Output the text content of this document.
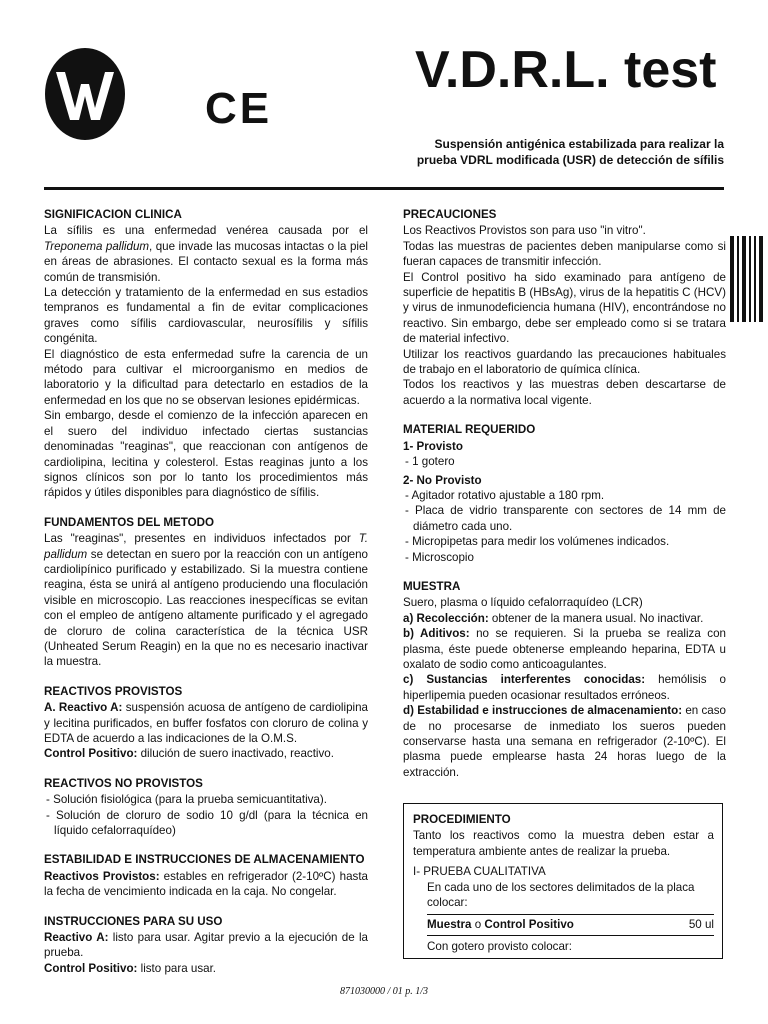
CE
V.D.R.L. test
Suspensión antigénica estabilizada para realizar la
prueba VDRL modificada (USR) de detección de sífilis
SIGNIFICACION CLINICA

La sífilis es una enfermedad venérea causada por el Treponema pallidum, que invade las mucosas intactas o la piel en áreas de abrasiones. El contacto sexual es la forma más común de transmisión.

La detección y tratamiento de la enfermedad en sus estadios tempranos es fundamental a fin de evitar complicaciones graves como sífilis cardiovascular, neurosífilis y sífilis congénita.

El diagnóstico de esta enfermedad sufre la carencia de un método para cultivar el microorganismo en medios de laboratorio y la dificultad para detectarlo en estadios de la enfermedad en los que no se observan lesiones epidérmicas.

Sin embargo, desde el comienzo de la infección aparecen en el suero del individuo infectado ciertas sustancias denominadas "reaginas", que reaccionan con antígenos de cardiolipina, lecitina y colesterol. Estas reaginas junto a los signos clínicos son por lo tanto los procedimientos más rápidos y útiles disponibles para diagnóstico de sífilis.

FUNDAMENTOS DEL METODO

Las "reaginas", presentes en individuos infectados por T. pallidum se detectan en suero por la reacción con un antígeno cardiolipínico purificado y estabilizado. Si la muestra contiene reagina, ésta se unirá al antígeno produciendo una floculación visible en microscopio. Las reacciones inespecíficas se evitan con el empleo de antígeno altamente purificado y el agregado de cloruro de colina característica de la técnica USR (Unheated Serum Reagin) en la que no es necesario inactivar la muestra.

REACTIVOS PROVISTOS

A. Reactivo A: suspensión acuosa de antígeno de cardiolipina y lecitina purificados, en buffer fosfatos con cloruro de colina y EDTA de acuerdo a las indicaciones de la O.M.S.

Control Positivo: dilución de suero inactivado, reactivo.

REACTIVOS NO PROVISTOS
- Solución fisiológica (para la prueba semicuantitativa).
- Solución de cloruro de sodio 10 g/dl (para la técnica en líquido cefalorraquídeo)
ESTABILIDAD E INSTRUCCIONES DE ALMACENAMIENTO

Reactivos Provistos: estables en refrigerador (2-10ºC) hasta la fecha de vencimiento indicada en la caja. No congelar.

INSTRUCCIONES PARA SU USO

Reactivo A: listo para usar. Agitar previo a la ejecución de la prueba.

Control Positivo: listo para usar.

PRECAUCIONES

Los Reactivos Provistos son para uso "in vitro".

Todas las muestras de pacientes deben manipularse como si fueran capaces de transmitir infección.

El Control positivo ha sido examinado para antígeno de superficie de hepatitis B (HBsAg), virus de la hepatitis C (HCV) y virus de inmunodeficiencia humana (HIV), encontrándose no reactivo. Sin embargo, debe ser empleado como si se tratara de material infectivo.

Utilizar los reactivos guardando las precauciones habituales de trabajo en el laboratorio de química clínica.

Todos los reactivos y las muestras deben descartarse de acuerdo a la normativa local vigente.

MATERIAL REQUERIDO
1- Provisto
- 1 gotero
2- No Provisto
- Agitador rotativo ajustable a 180 rpm.
- Placa de vidrio transparente con sectores de 14 mm de diámetro cada uno.
- Micropipetas para medir los volúmenes indicados.
- Microscopio
MUESTRA

Suero, plasma o líquido cefalorraquídeo (LCR)

a) Recolección: obtener de la manera usual. No inactivar.

b) Aditivos: no se requieren. Si la prueba se realiza con plasma, éste puede obtenerse empleando heparina, EDTA u oxalato de sodio como anticoagulantes.

c) Sustancias interferentes conocidas: hemólisis o hiperlipemia pueden ocasionar resultados erróneos.

d) Estabilidad e instrucciones de almacenamiento: en caso de no procesarse de inmediato los sueros pueden conservarse hasta una semana en refrigerador (2-10ºC). El plasma puede emplearse hasta 24 horas luego de la extracción.

PROCEDIMIENTO

Tanto los reactivos como la muestra deben estar a temperatura ambiente antes de realizar la prueba.

I- PRUEBA CUALITATIVA
En cada uno de los sectores delimitados de la placa colocar:
Muestra o Control Positivo	50 ul
Con gotero provisto colocar:
871030000 / 01 p. 1/3
